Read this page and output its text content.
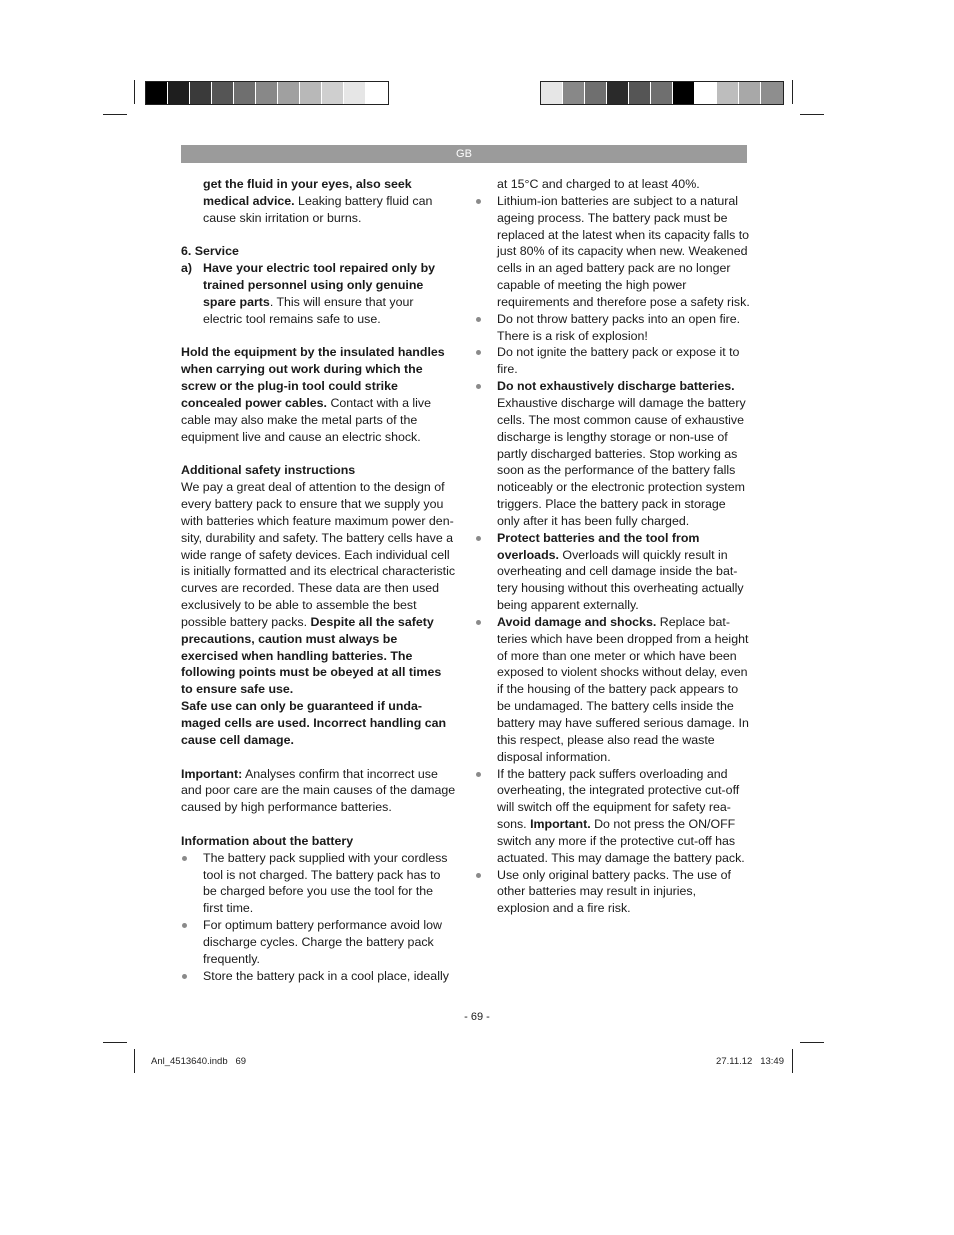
GB

get the fluid in your eyes, also seek medical advice. Leaking battery fluid can cause skin irritation or burns.

6. Service

a) Have your electric tool repaired only by trained personnel using only genuine spare parts. This will ensure that your electric tool remains safe to use.

Hold the equipment by the insulated handles when carrying out work during which the screw or the plug-in tool could strike concealed power cables. Contact with a live cable may also make the metal parts of the equipment live and cause an electric shock.

Additional safety instructions

We pay a great deal of attention to the design of every battery pack to ensure that we supply you with batteries which feature maximum power density, durability and safety. The battery cells have a wide range of safety devices. Each individual cell is initially formatted and its electrical characteristic curves are recorded. These data are then used exclusively to be able to assemble the best possible battery packs. Despite all the safety precautions, caution must always be exercised when handling batteries. The following points must be obeyed at all times to ensure safe use.

Safe use can only be guaranteed if undamaged cells are used. Incorrect handling can cause cell damage.

Important: Analyses confirm that incorrect use and poor care are the main causes of the damage caused by high performance batteries.

Information about the battery

The battery pack supplied with your cordless tool is not charged. The battery pack has to be charged before you use the tool for the first time.
For optimum battery performance avoid low discharge cycles. Charge the battery pack frequently.
Store the battery pack in a cool place, ideally

at 15°C and charged to at least 40%.

Lithium-ion batteries are subject to a natural ageing process. The battery pack must be replaced at the latest when its capacity falls to just 80% of its capacity when new. Weakened cells in an aged battery pack are no longer capable of meeting the high power requirements and therefore pose a safety risk.
Do not throw battery packs into an open fire. There is a risk of explosion!
Do not ignite the battery pack or expose it to fire.
Do not exhaustively discharge batteries. Exhaustive discharge will damage the battery cells. The most common cause of exhaustive discharge is lengthy storage or non-use of partly discharged batteries. Stop working as soon as the performance of the battery falls noticeably or the electronic protection system triggers. Place the battery pack in storage only after it has been fully charged.
Protect batteries and the tool from overloads. Overloads will quickly result in overheating and cell damage inside the battery housing without this overheating actually being apparent externally.
Avoid damage and shocks. Replace batteries which have been dropped from a height of more than one meter or which have been exposed to violent shocks without delay, even if the housing of the battery pack appears to be undamaged. The battery cells inside the battery may have suffered serious damage. In this respect, please also read the waste disposal information.
If the battery pack suffers overloading and overheating, the integrated protective cut-off will switch off the equipment for safety reasons. Important. Do not press the ON/OFF switch any more if the protective cut-off has actuated. This may damage the battery pack.
Use only original battery packs. The use of other batteries may result in injuries, explosion and a fire risk.
- 69 -
Anl_4513640.indb   69	27.11.12   13:49
